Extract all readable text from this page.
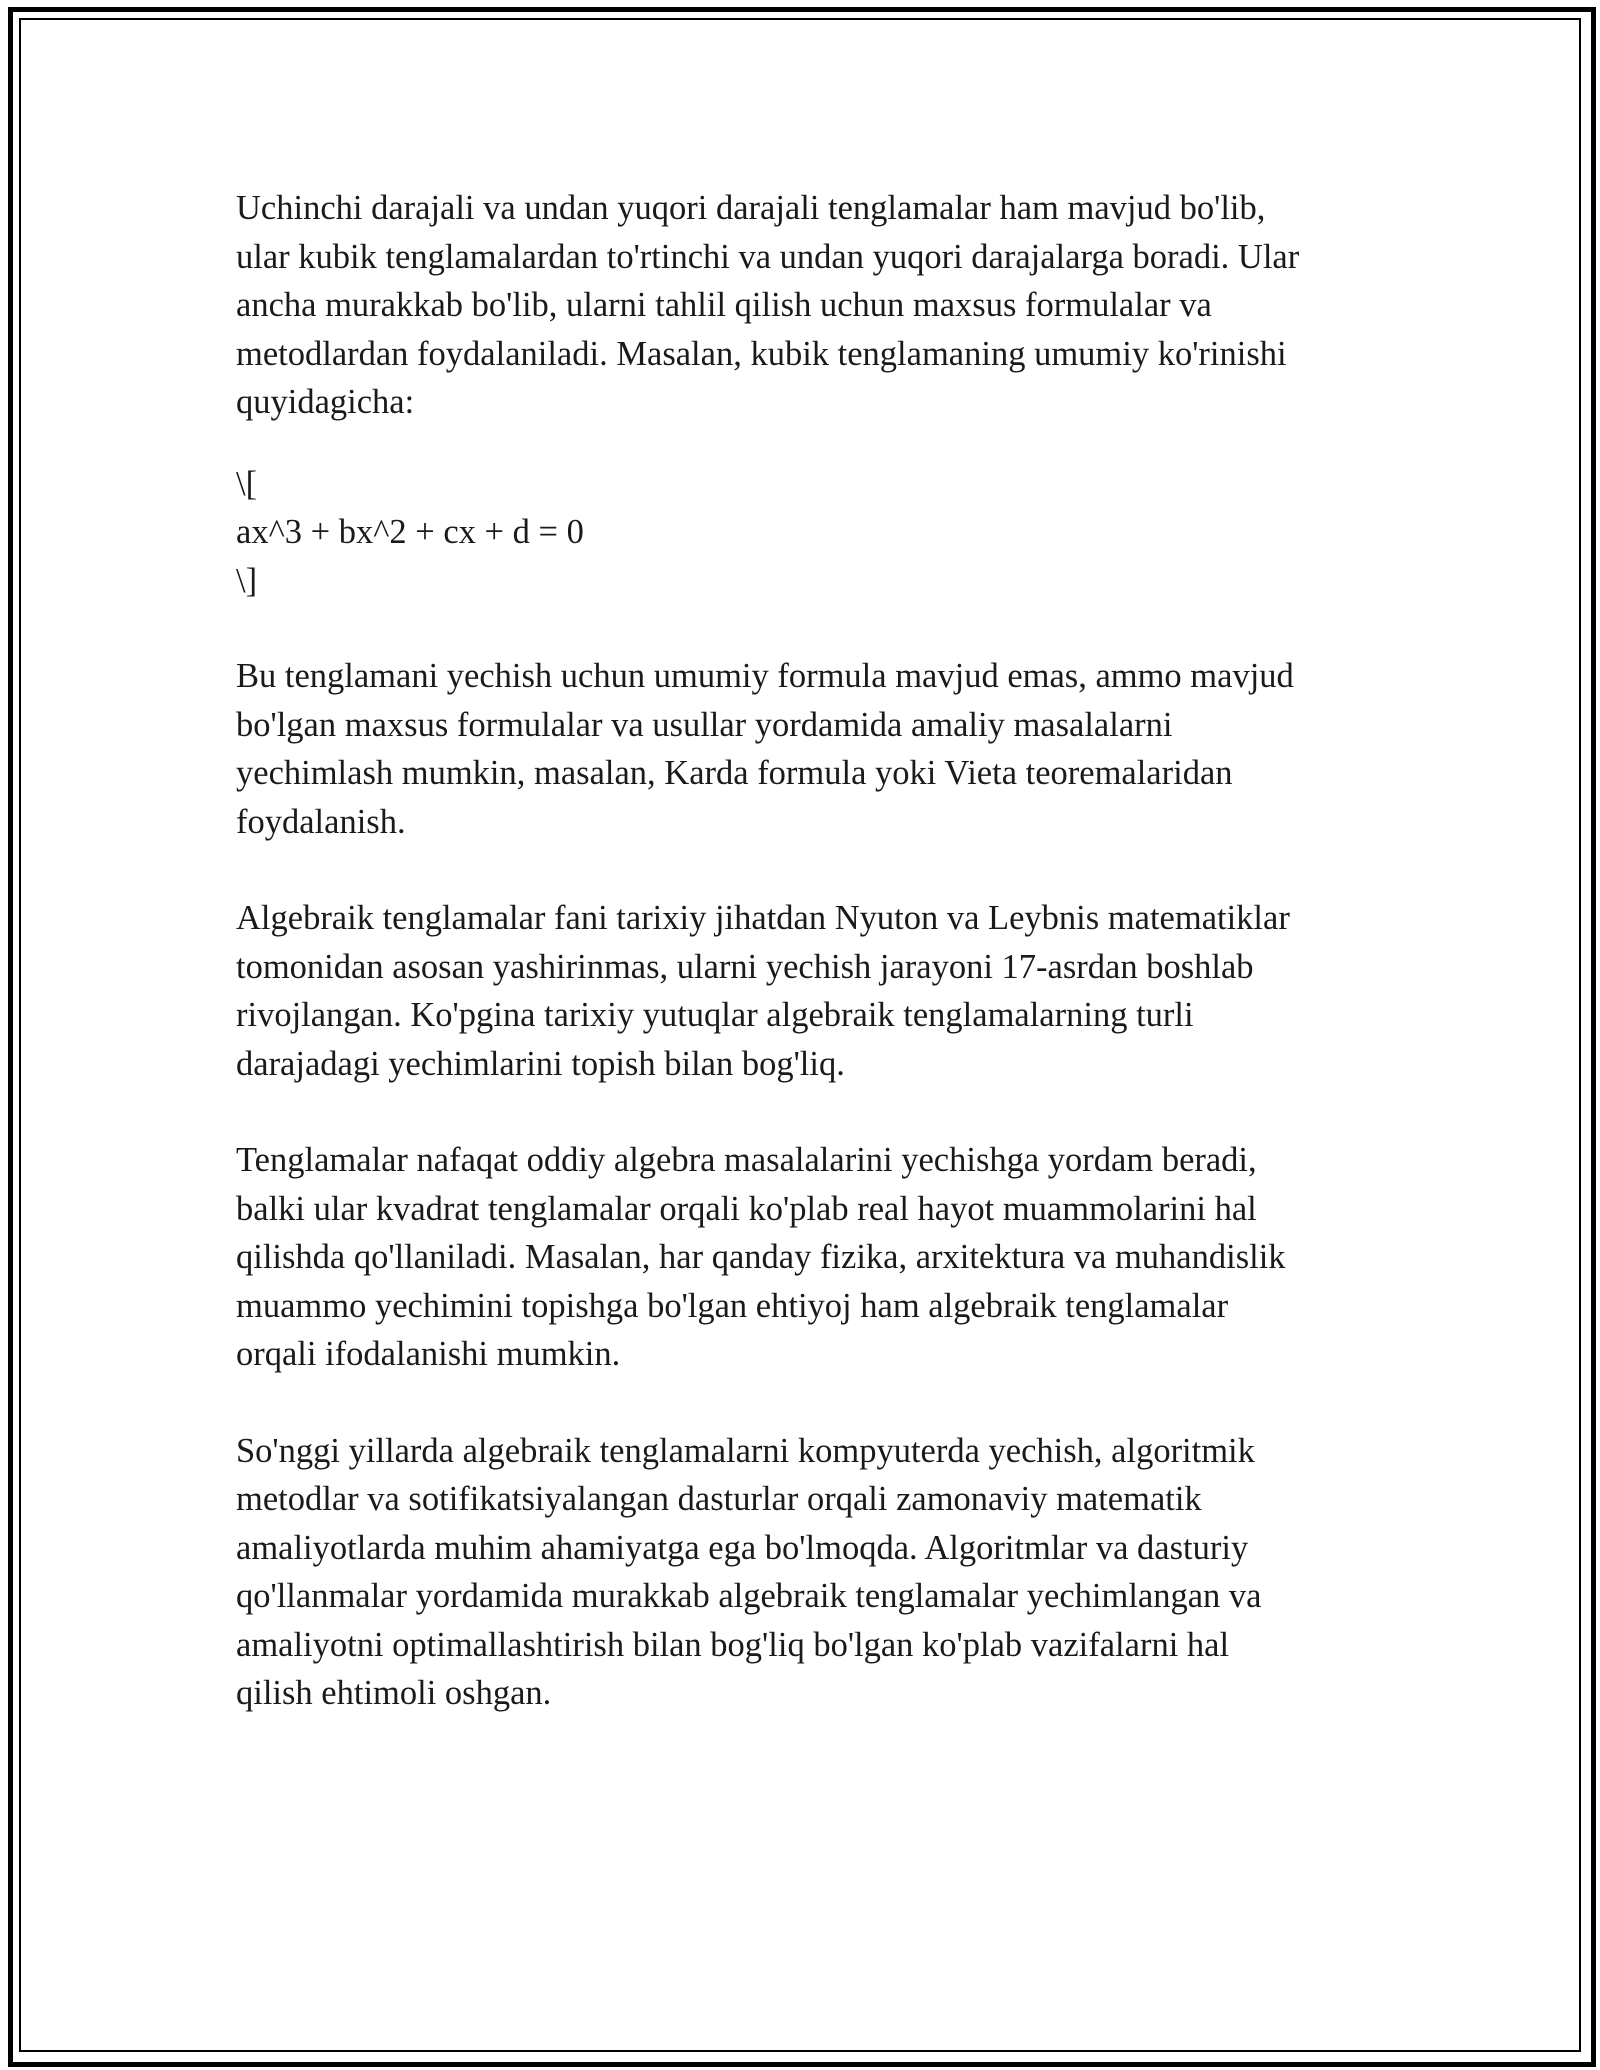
Uchinchi darajali va undan yuqori darajali tenglamalar ham mavjud bo'lib,
ular kubik tenglamalardan to'rtinchi va undan yuqori darajalarga boradi. Ular
ancha murakkab bo'lib, ularni tahlil qilish uchun maxsus formulalar va
metodlardan foydalaniladi. Masalan, kubik tenglamaning umumiy ko'rinishi
quyidagicha:

\[
ax^3 + bx^2 + cx + d = 0
\]

Bu tenglamani yechish uchun umumiy formula mavjud emas, ammo mavjud
bo'lgan maxsus formulalar va usullar yordamida amaliy masalalarni
yechimlash mumkin, masalan, Karda formula yoki Vieta teoremalaridan
foydalanish.

Algebraik tenglamalar fani tarixiy jihatdan Nyuton va Leybnis matematiklar
tomonidan asosan yashirinmas, ularni yechish jarayoni 17-asrdan boshlab
rivojlangan. Ko'pgina tarixiy yutuqlar algebraik tenglamalarning turli
darajadagi yechimlarini topish bilan bog'liq.

Tenglamalar nafaqat oddiy algebra masalalarini yechishga yordam beradi,
balki ular kvadrat tenglamalar orqali ko'plab real hayot muammolarini hal
qilishda qo'llaniladi. Masalan, har qanday fizika, arxitektura va muhandislik
muammo yechimini topishga bo'lgan ehtiyoj ham algebraik tenglamalar
orqali ifodalanishi mumkin.

So'nggi yillarda algebraik tenglamalarni kompyuterda yechish, algoritmik
metodlar va sotifikatsiyalangan dasturlar orqali zamonaviy matematik
amaliyotlarda muhim ahamiyatga ega bo'lmoqda. Algoritmlar va dasturiy
qo'llanmalar yordamida murakkab algebraik tenglamalar yechimlangan va
amaliyotni optimallashtirish bilan bog'liq bo'lgan ko'plab vazifalarni hal
qilish ehtimoli oshgan.
